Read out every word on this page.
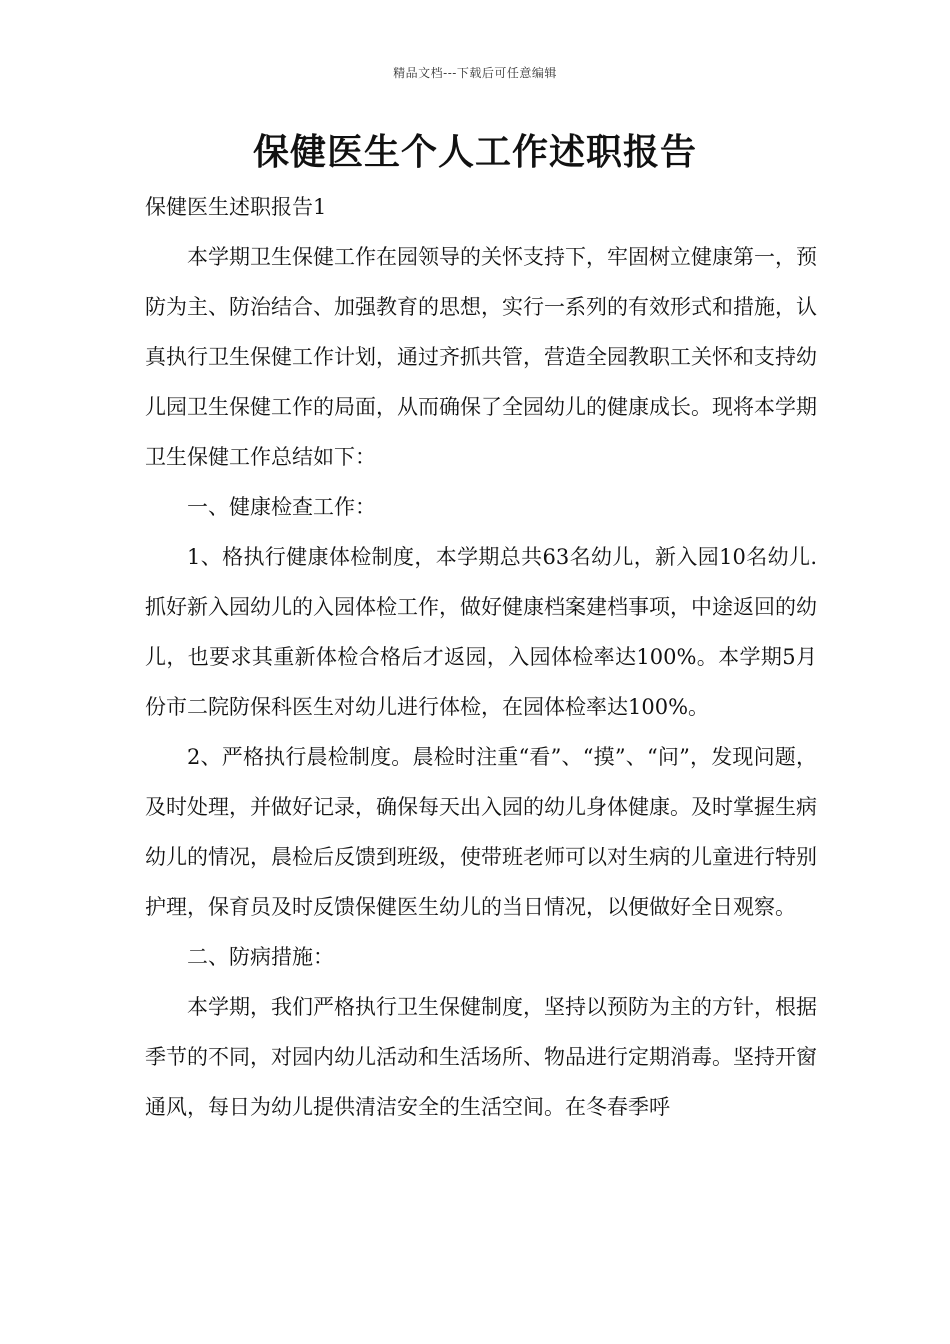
精品文档---下载后可任意编辑
保健医生个人工作述职报告

保健医生述职报告1

本学期卫生保健工作在园领导的关怀支持下，牢固树立健康第一，预防为主、防治结合、加强教育的思想，实行一系列的有效形式和措施，认真执行卫生保健工作计划，通过齐抓共管，营造全园教职工关怀和支持幼儿园卫生保健工作的局面，从而确保了全园幼儿的健康成长。现将本学期卫生保健工作总结如下：

一、健康检查工作：

1、格执行健康体检制度，本学期总共63名幼儿，新入园10名幼儿.抓好新入园幼儿的入园体检工作，做好健康档案建档事项，中途返回的幼儿，也要求其重新体检合格后才返园，入园体检率达100%。本学期5月份市二院防保科医生对幼儿进行体检，在园体检率达100%。

2、严格执行晨检制度。晨检时注重“看”、“摸”、“问”，发现问题，及时处理，并做好记录，确保每天出入园的幼儿身体健康。及时掌握生病幼儿的情况，晨检后反馈到班级，使带班老师可以对生病的儿童进行特别护理，保育员及时反馈保健医生幼儿的当日情况，以便做好全日观察。

二、防病措施：

本学期，我们严格执行卫生保健制度，坚持以预防为主的方针，根据季节的不同，对园内幼儿活动和生活场所、物品进行定期消毒。坚持开窗通风，每日为幼儿提供清洁安全的生活空间。在冬春季呼
